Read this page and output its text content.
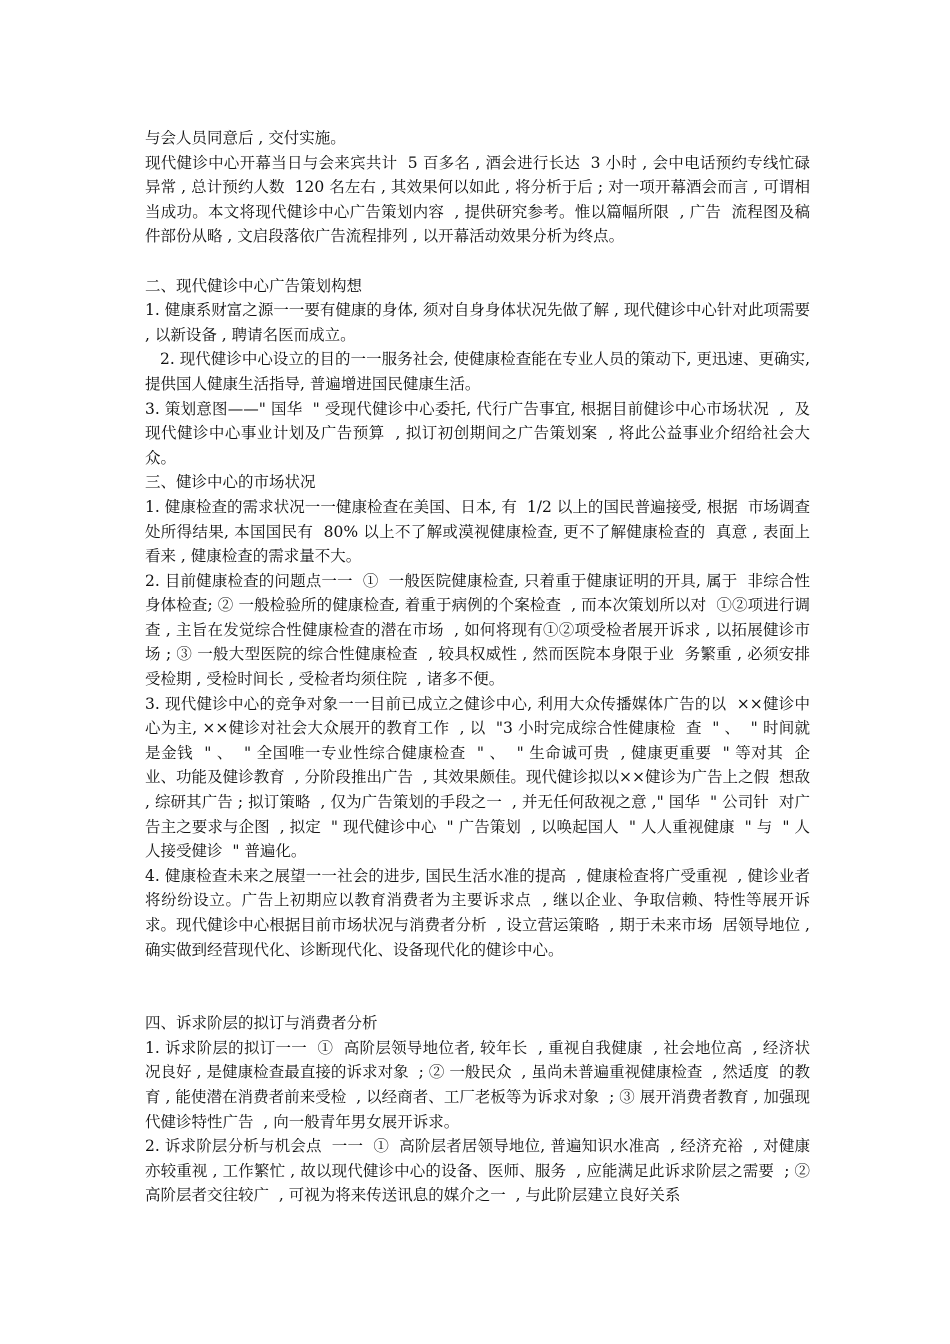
与会人员同意后 , 交付实施。

现代健诊中心开幕当日与会来宾共计  5 百多名 , 酒会进行长达  3 小时 , 会中电话预约专线忙碌异常 , 总计预约人数  120 名左右 , 其效果何以如此 , 将分析于后 ; 对一项开幕酒会而言 , 可谓相当成功。本文将现代健诊中心广告策划内容  , 提供研究参考。惟以篇幅所限  , 广告  流程图及稿件部份从略 , 文启段落依广告流程排列 , 以开幕活动效果分析为终点。

二、现代健诊中心广告策划构想

1. 健康系财富之源一一要有健康的身体, 须对自身身体状况先做了解 , 现代健诊中心针对此项需要 , 以新设备 , 聘请名医而成立。

2. 现代健诊中心设立的目的一一服务社会, 使健康检查能在专业人员的策动下, 更迅速、更确实, 提供国人健康生活指导, 普遍增进国民健康生活。

3. 策划意图——" 国华  " 受现代健诊中心委托, 代行广告事宜, 根据目前健诊中心市场状况  ,  及现代健诊中心事业计划及广告预算  , 拟订初创期间之广告策划案  , 将此公益事业介绍给社会大众。

三、健诊中心的市场状况

1. 健康检查的需求状况一一健康检查在美国、日本, 有  1/2 以上的国民普遍接受, 根据  市场调查处所得结果, 本国国民有  80% 以上不了解或漠视健康检查, 更不了解健康检查的  真意 , 表面上看来 , 健康检查的需求量不大。

2. 目前健康检查的问题点一一  ①  一般医院健康检查, 只着重于健康证明的开具, 属于  非综合性身体检查; ② 一般检验所的健康检查, 着重于病例的个案检查  , 而本次策划所以对  ①②项进行调查 , 主旨在发觉综合性健康检查的潜在市场  , 如何将现有①②项受检者展开诉求 , 以拓展健诊市场 ; ③ 一般大型医院的综合性健康检查  , 较具权威性 , 然而医院本身限于业  务繁重 , 必须安排受检期 , 受检时间长 , 受检者均须住院  , 诸多不便。

3. 现代健诊中心的竞争对象一一目前已成立之健诊中心, 利用大众传播媒体广告的以  ××健诊中心为主, ××健诊对社会大众展开的教育工作  , 以  "3 小时完成综合性健康检  查  " 、  " 时间就是金钱  " 、  " 全国唯一专业性综合健康检查  " 、  " 生命诚可贵  , 健康更重要  " 等对其  企业、功能及健诊教育  , 分阶段推出广告  , 其效果颇佳。现代健诊拟以××健诊为广告上之假  想敌 , 综研其广告 ; 拟订策略  , 仅为广告策划的手段之一  , 并无任何敌视之意 ," 国华  " 公司针  对广告主之要求与企图  , 拟定  " 现代健诊中心  " 广告策划  , 以唤起国人  " 人人重视健康  " 与  " 人  人接受健诊  " 普遍化。

4. 健康检查未来之展望一一社会的进步, 国民生活水准的提高  , 健康检查将广受重视  , 健诊业者将纷纷设立。广告上初期应以教育消费者为主要诉求点  , 继以企业、争取信赖、特性等展开诉求。现代健诊中心根据目前市场状况与消费者分析  , 设立营运策略  , 期于未来市场  居领导地位 , 确实做到经营现代化、诊断现代化、设备现代化的健诊中心。

四、诉求阶层的拟订与消费者分析

1. 诉求阶层的拟订一一  ①  高阶层领导地位者, 较年长  , 重视自我健康  , 社会地位高  , 经济状况良好 , 是健康检查最直接的诉求对象  ; ② 一般民众  , 虽尚未普遍重视健康检查  , 然适度  的教育 , 能使潜在消费者前来受检  , 以经商者、工厂老板等为诉求对象  ; ③ 展开消费者教育 , 加强现代健诊特性广告  , 向一般青年男女展开诉求。

2. 诉求阶层分析与机会点  一一  ①  高阶层者居领导地位, 普遍知识水准高  , 经济充裕  , 对健康亦较重视 , 工作繁忙 , 故以现代健诊中心的设备、医师、服务  , 应能满足此诉求阶层之需要  ; ② 高阶层者交往较广  , 可视为将来传送讯息的媒介之一  , 与此阶层建立良好关系
